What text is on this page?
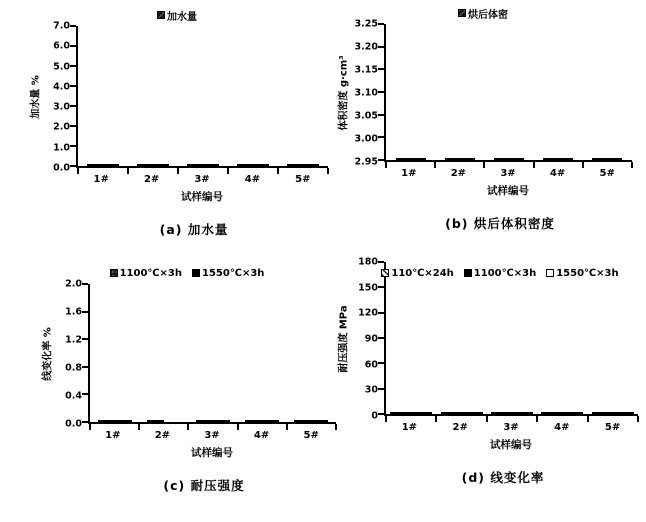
加水量
加水量 %
7.0
6.0
5.0
4.0
3.0
2.0
1.0
0.0
1#	2#	3#	4#	5#
试样编号
(a) 加水量
烘后体密
体积密度 g·cm³
3.25
3.20
3.15
3.10
3.05
3.00
2.95
1#	2#	3#	4#	5#
试样编号
(b) 烘后体积密度
1100℃×3h 1550℃×3h
线变化率 %
2.0
1.6
1.2
0.8
0.4
0.0
1#	2#	3#	4#	5#
试样编号
(c) 耐压强度
110℃×24h 1100℃×3h 1550℃×3h
耐压强度 MPa
180
150
120
90
60
30
0
1#	2#	3#	4#	5#
试样编号
(d) 线变化率
